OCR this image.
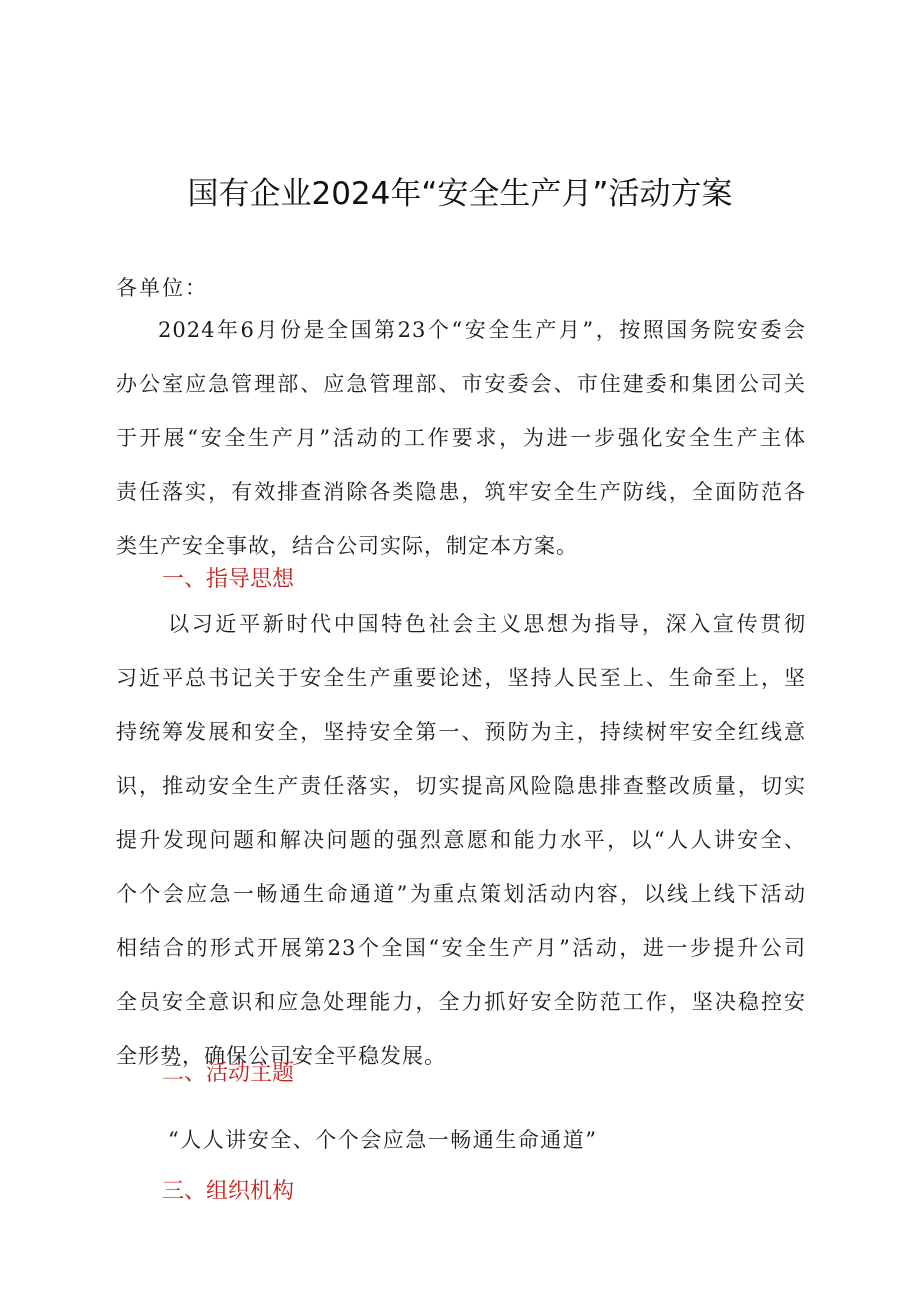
国有企业2024年“安全生产月”活动方案
各单位：
2024年6月份是全国第23个“安全生产月”，按照国务院安委会
办公室应急管理部、应急管理部、市安委会、市住建委和集团公司关
于开展“安全生产月”活动的工作要求，为进一步强化安全生产主体
责任落实，有效排查消除各类隐患，筑牢安全生产防线，全面防范各
类生产安全事故，结合公司实际，制定本方案。
一、指导思想
以习近平新时代中国特色社会主义思想为指导，深入宣传贯彻
习近平总书记关于安全生产重要论述，坚持人民至上、生命至上，坚
持统筹发展和安全，坚持安全第一、预防为主，持续树牢安全红线意
识，推动安全生产责任落实，切实提高风险隐患排查整改质量，切实
提升发现问题和解决问题的强烈意愿和能力水平，以“人人讲安全、
个个会应急一畅通生命通道”为重点策划活动内容，以线上线下活动
相结合的形式开展第23个全国“安全生产月”活动，进一步提升公司
全员安全意识和应急处理能力，全力抓好安全防范工作，坚决稳控安
全形势，确保公司安全平稳发展。
二、活动主题
“人人讲安全、个个会应急一畅通生命通道”
三、组织机构
